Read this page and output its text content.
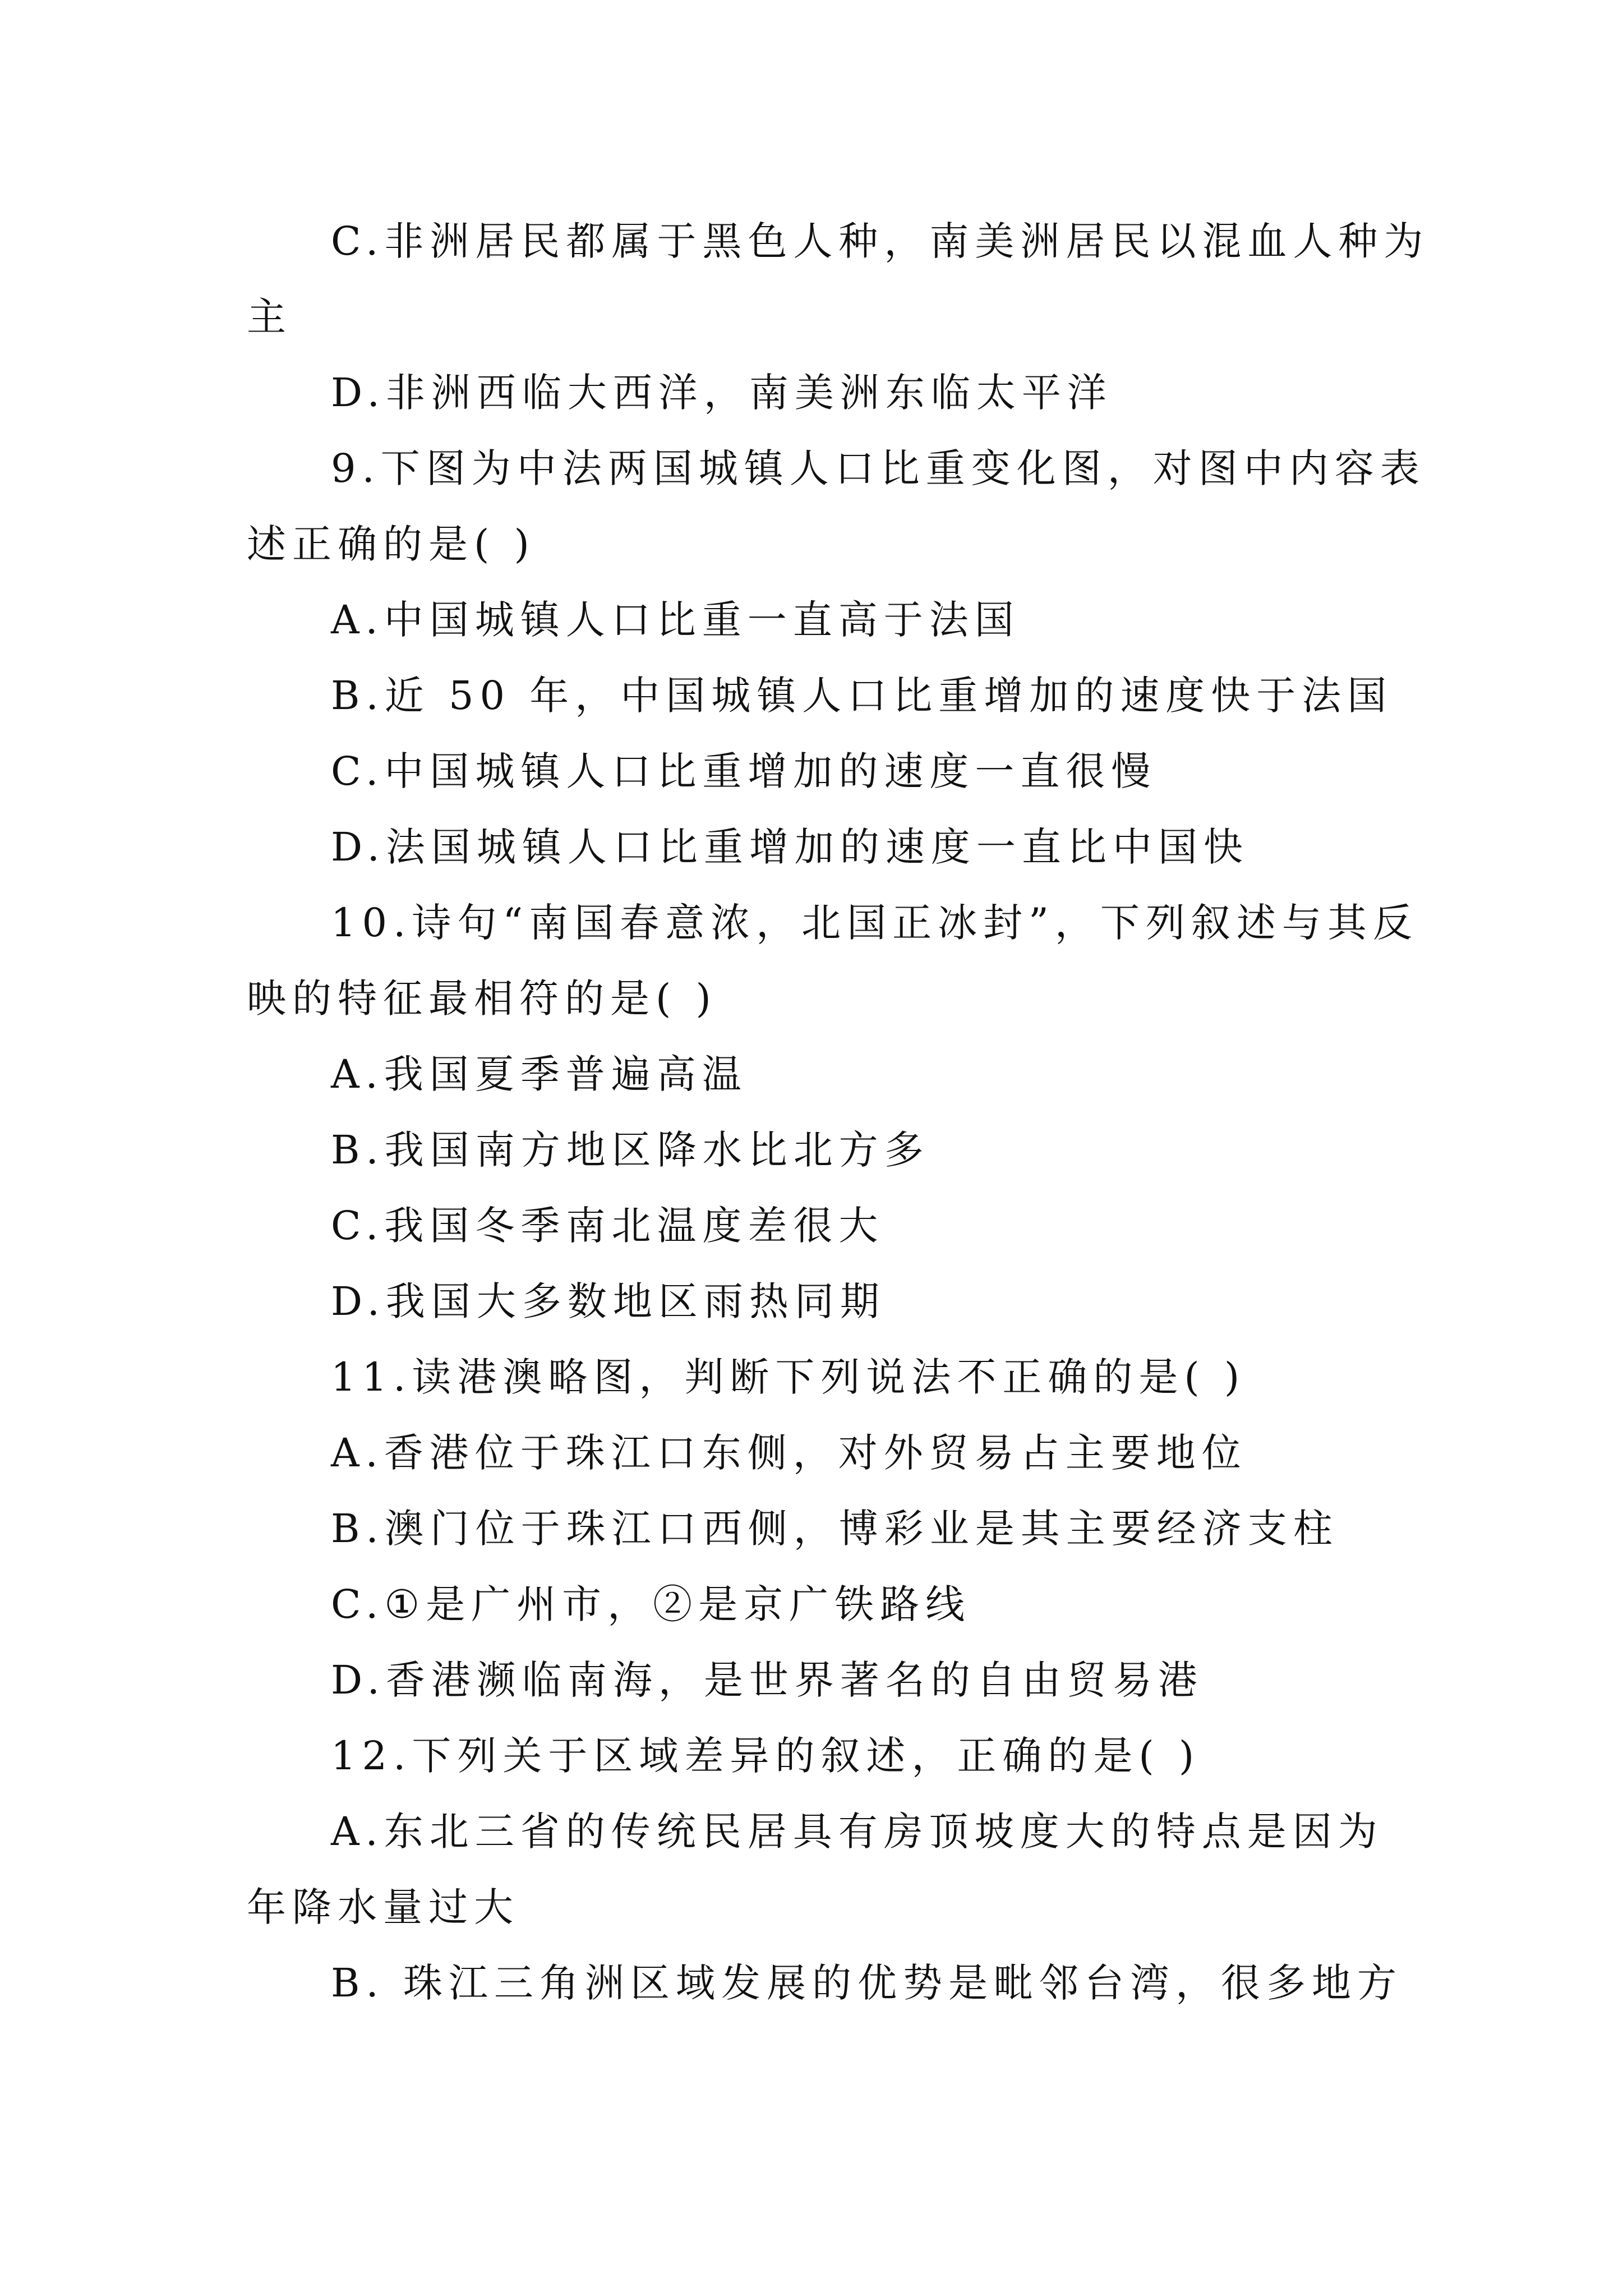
C.非洲居民都属于黑色人种，南美洲居民以混血人种为
主
D.非洲西临大西洋，南美洲东临太平洋
9.下图为中法两国城镇人口比重变化图，对图中内容表
述正确的是( )
A.中国城镇人口比重一直高于法国
B.近 50 年，中国城镇人口比重增加的速度快于法国
C.中国城镇人口比重增加的速度一直很慢
D.法国城镇人口比重增加的速度一直比中国快
10.诗句“南国春意浓，北国正冰封”，下列叙述与其反
映的特征最相符的是( )
A.我国夏季普遍高温
B.我国南方地区降水比北方多
C.我国冬季南北温度差很大
D.我国大多数地区雨热同期
11.读港澳略图，判断下列说法不正确的是( )
A.香港位于珠江口东侧，对外贸易占主要地位
B.澳门位于珠江口西侧，博彩业是其主要经济支柱
C.①是广州市，②是京广铁路线
D.香港濒临南海，是世界著名的自由贸易港
12.下列关于区域差异的叙述，正确的是( )
A.东北三省的传统民居具有房顶坡度大的特点是因为
年降水量过大
B. 珠江三角洲区域发展的优势是毗邻台湾，很多地方
